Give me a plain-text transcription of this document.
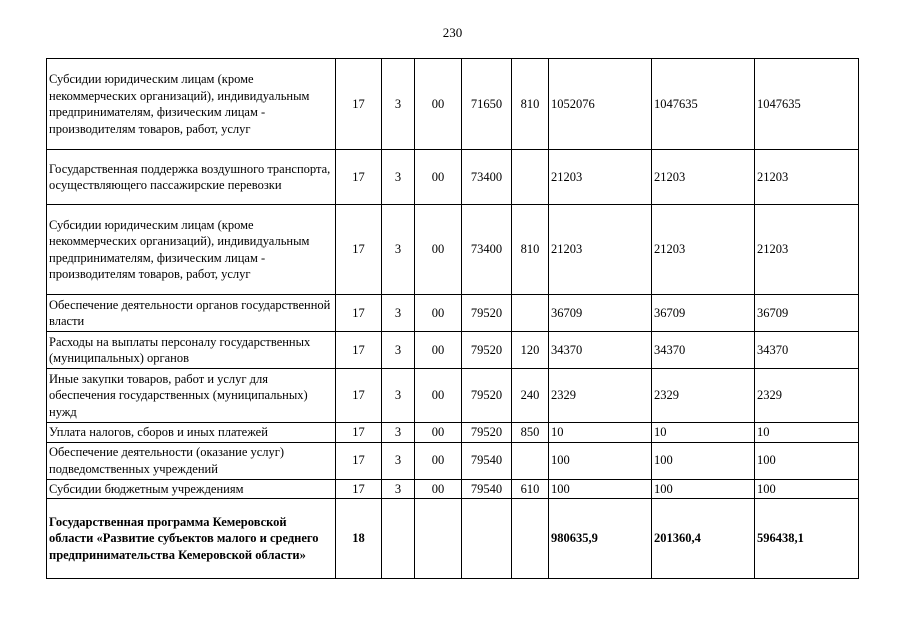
230
Субсидии юридическим лицам (кроме некоммерческих организаций), индивидуальным предпринимателям, физическим лицам - производителям товаров, работ, услуг	17	3	00	71650	810	1052076	1047635	1047635
Государственная поддержка воздушного транспорта, осуществляющего пассажирские перевозки	17	3	00	73400		21203	21203	21203
Субсидии юридическим лицам (кроме некоммерческих организаций), индивидуальным предпринимателям, физическим лицам - производителям товаров, работ, услуг	17	3	00	73400	810	21203	21203	21203
Обеспечение деятельности органов государственной власти	17	3	00	79520		36709	36709	36709
Расходы на выплаты персоналу государственных (муниципальных) органов	17	3	00	79520	120	34370	34370	34370
Иные закупки товаров, работ и услуг для обеспечения государственных (муниципальных) нужд	17	3	00	79520	240	2329	2329	2329
Уплата налогов, сборов и иных платежей	17	3	00	79520	850	10	10	10
Обеспечение деятельности (оказание услуг) подведомственных учреждений	17	3	00	79540		100	100	100
Субсидии бюджетным учреждениям	17	3	00	79540	610	100	100	100
Государственная программа Кемеровской области «Развитие субъектов малого и среднего предпринимательства Кемеровской области»	18					980635,9	201360,4	596438,1
